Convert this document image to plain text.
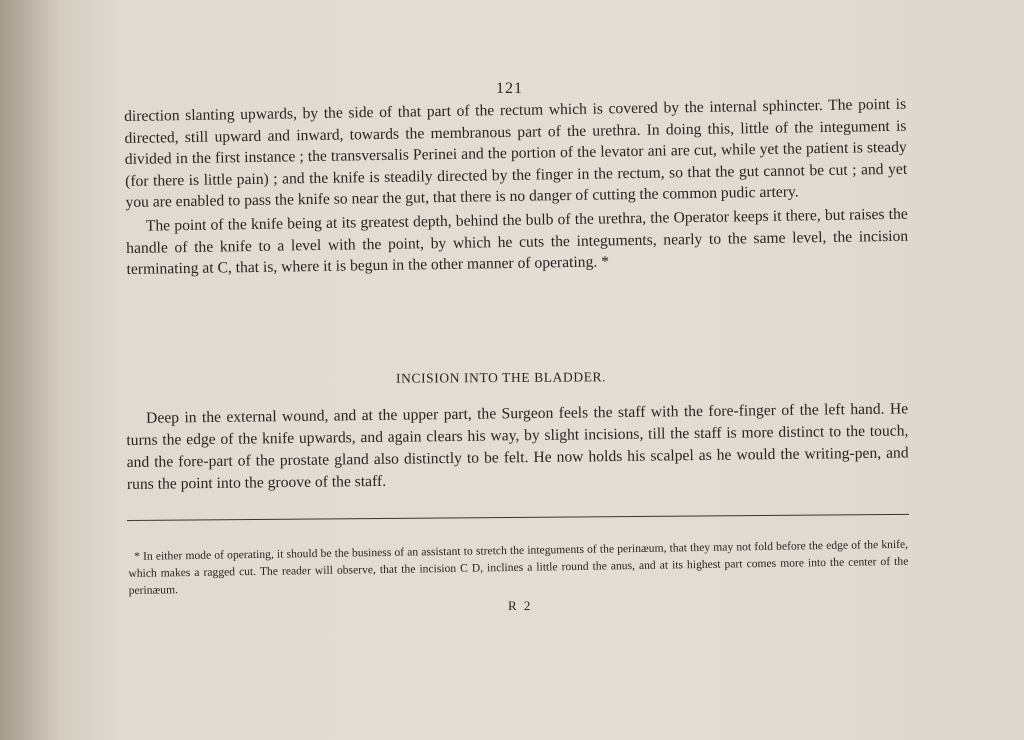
121

direction slanting upwards, by the side of that part of the rectum which is covered by the internal sphincter. The point is directed, still upward and inward, towards the membranous part of the urethra. In doing this, little of the integument is divided in the first instance ; the transversalis Perinei and the portion of the levator ani are cut, while yet the patient is steady (for there is little pain) ; and the knife is steadily directed by the finger in the rectum, so that the gut cannot be cut ; and yet you are enabled to pass the knife so near the gut, that there is no danger of cutting the common pudic artery.

The point of the knife being at its greatest depth, behind the bulb of the urethra, the Operator keeps it there, but raises the handle of the knife to a level with the point, by which he cuts the integuments, nearly to the same level, the incision terminating at C, that is, where it is begun in the other manner of operating. *

INCISION INTO THE BLADDER.

Deep in the external wound, and at the upper part, the Surgeon feels the staff with the fore-finger of the left hand. He turns the edge of the knife upwards, and again clears his way, by slight incisions, till the staff is more distinct to the touch, and the fore-part of the prostate gland also distinctly to be felt. He now holds his scalpel as he would the writing-pen, and runs the point into the groove of the staff.

* In either mode of operating, it should be the business of an assistant to stretch the integuments of the perinæum, that they may not fold before the edge of the knife, which makes a ragged cut. The reader will observe, that the incision C D, inclines a little round the anus, and at its highest part comes more into the center of the perinæum.

R 2
